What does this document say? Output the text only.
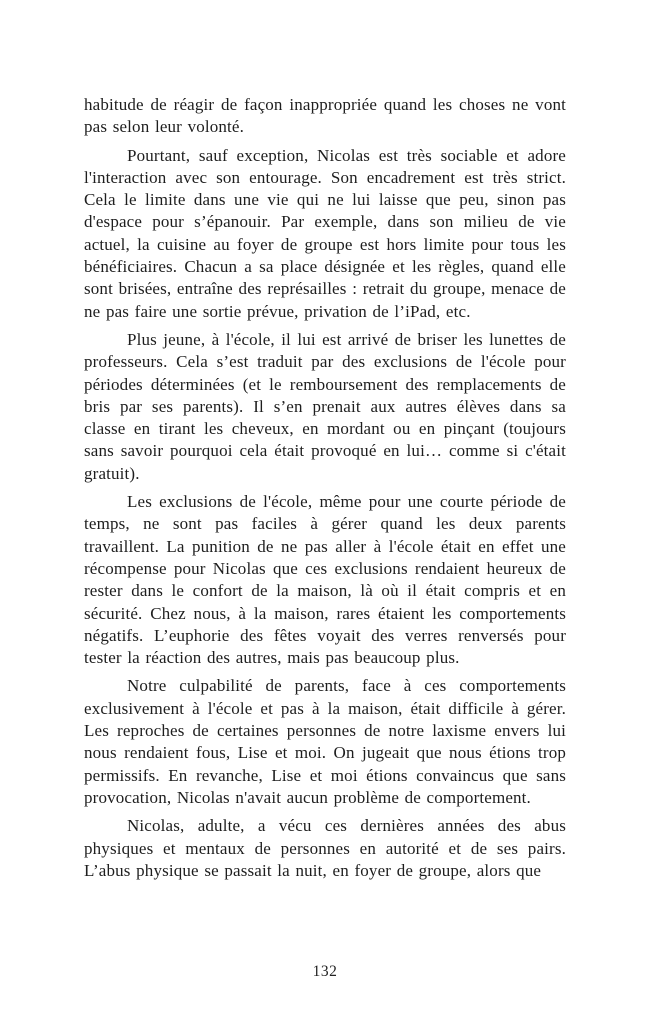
habitude de réagir de façon inappropriée quand les choses ne vont pas selon leur volonté.

Pourtant, sauf exception, Nicolas est très sociable et adore l'interaction avec son entourage. Son encadrement est très strict. Cela le limite dans une vie qui ne lui laisse que peu, sinon pas d'espace pour s’épanouir. Par exemple, dans son milieu de vie actuel, la cuisine au foyer de groupe est hors limite pour tous les bénéficiaires. Chacun a sa place désignée et les règles, quand elle sont brisées, entraîne des représailles : retrait du groupe, menace de ne pas faire une sortie prévue, privation de l’iPad, etc.

Plus jeune, à l'école, il lui est arrivé de briser les lunettes de professeurs. Cela s’est traduit par des exclusions de l'école pour périodes déterminées (et le remboursement des remplacements de bris par ses parents). Il s’en prenait aux autres élèves dans sa classe en tirant les cheveux, en mordant ou en pinçant (toujours sans savoir pourquoi cela était provoqué en lui… comme si c'était gratuit).

Les exclusions de l'école, même pour une courte période de temps, ne sont pas faciles à gérer quand les deux parents travaillent. La punition de ne pas aller à l'école était en effet une récompense pour Nicolas que ces exclusions rendaient heureux de rester dans le confort de la maison, là où il était compris et en sécurité. Chez nous, à la maison, rares étaient les comportements négatifs. L’euphorie des fêtes voyait des verres renversés pour tester la réaction des autres, mais pas beaucoup plus.

Notre culpabilité de parents, face à ces comportements exclusivement à l'école et pas à la maison, était difficile à gérer. Les reproches de certaines personnes de notre laxisme envers lui nous rendaient fous, Lise et moi. On jugeait que nous étions trop permissifs. En revanche, Lise et moi étions convaincus que sans provocation, Nicolas n'avait aucun problème de comportement.

Nicolas, adulte, a vécu ces dernières années des abus physiques et mentaux de personnes en autorité et de ses pairs. L’abus physique se passait la nuit, en foyer de groupe, alors que

132
